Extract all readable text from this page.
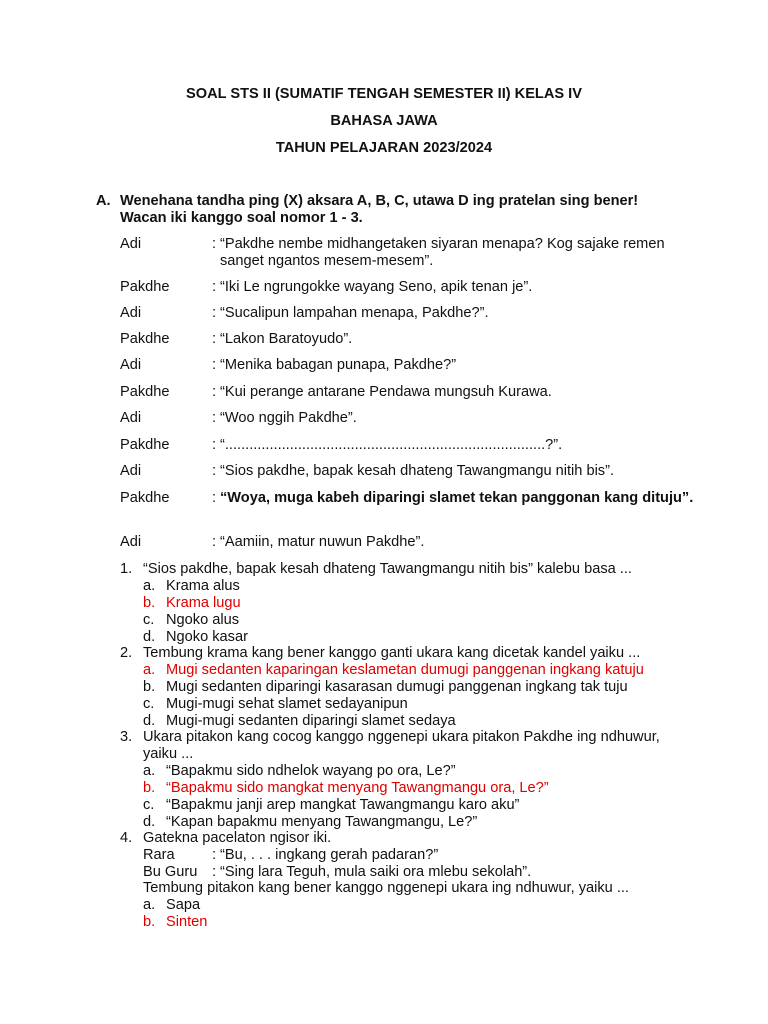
SOAL STS II (SUMATIF TENGAH SEMESTER II) KELAS IV
BAHASA JAWA
TAHUN PELAJARAN 2023/2024
A. Wenehana tandha ping (X) aksara A, B, C, utawa D ing pratelan sing bener!
Wacan iki kanggo soal nomor 1 - 3.
Adi	: “Pakdhe nembe midhangetaken siyaran menapa? Kog sajake remen sanget ngantos mesem-mesem”.
Pakdhe	: “Iki Le ngrungokke wayang Seno, apik tenan je”.
Adi	: “Sucalipun lampahan menapa, Pakdhe?”.
Pakdhe	: “Lakon Baratoyudo”.
Adi	: “Menika babagan punapa, Pakdhe?”
Pakdhe	: “Kui perange antarane Pendawa mungsuh Kurawa.
Adi	: “Woo nggih Pakdhe”.
Pakdhe	: “...............................................................................?”.
Adi	: “Sios pakdhe, bapak kesah dhateng Tawangmangu nitih bis”.
Pakdhe	: “Woya, muga kabeh diparingi slamet tekan panggonan kang dituju”.
Adi	: “Aamiin, matur nuwun Pakdhe”.
1. “Sios pakdhe, bapak kesah dhateng Tawangmangu nitih bis” kalebu basa ...
a. Krama alus
b. Krama lugu
c. Ngoko alus
d. Ngoko kasar
2. Tembung krama kang bener kanggo ganti ukara kang dicetak kandel yaiku ...
a. Mugi sedanten kaparingan keslametan dumugi panggenan ingkang katuju
b. Mugi sedanten diparingi kasarasan dumugi panggenan ingkang tak tuju
c. Mugi-mugi sehat slamet sedayanipun
d. Mugi-mugi sedanten diparingi slamet sedaya
3. Ukara pitakon kang cocog kanggo nggenepi ukara pitakon Pakdhe ing ndhuwur,
yaiku ...
a. “Bapakmu sido ndhelok wayang po ora, Le?”
b. “Bapakmu sido mangkat menyang Tawangmangu ora, Le?”
c. “Bapakmu janji arep mangkat Tawangmangu karo aku”
d. “Kapan bapakmu menyang Tawangmangu, Le?”
4. Gatekna pacelaton ngisor iki.
Rara	: “Bu, . . . ingkang gerah padaran?”
Bu Guru : “Sing lara Teguh, mula saiki ora mlebu sekolah”.
Tembung pitakon kang bener kanggo nggenepi ukara ing ndhuwur, yaiku ...
a. Sapa
b. Sinten
